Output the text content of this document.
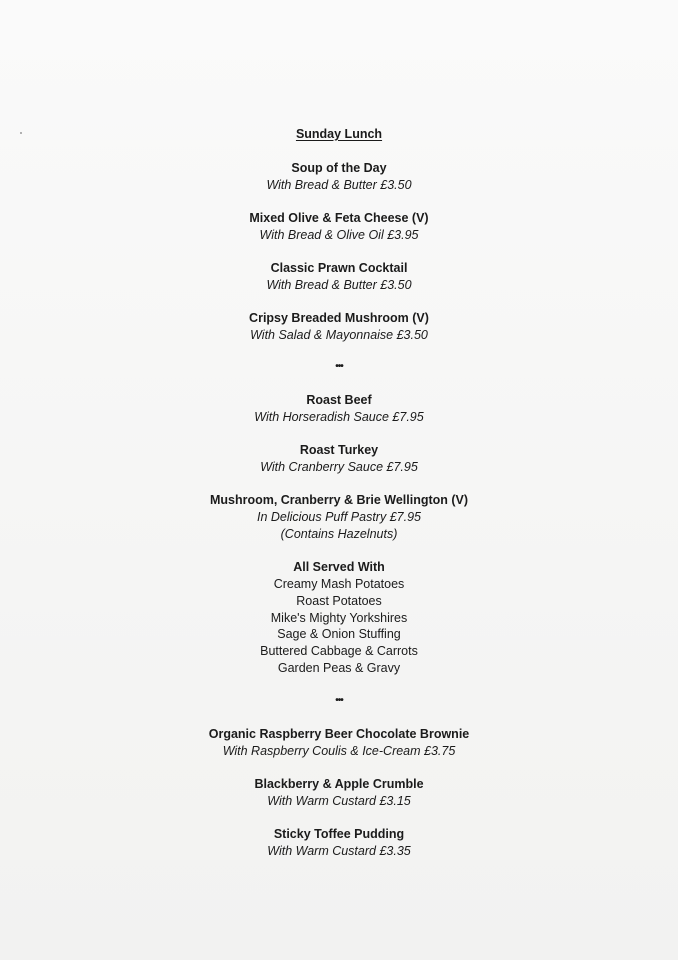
Sunday Lunch
Soup of the Day
With Bread & Butter £3.50
Mixed Olive & Feta Cheese (V)
With Bread & Olive Oil £3.95
Classic Prawn Cocktail
With Bread & Butter £3.50
Cripsy Breaded Mushroom (V)
With Salad & Mayonnaise £3.50
•••
Roast Beef
With Horseradish Sauce £7.95
Roast Turkey
With Cranberry Sauce £7.95
Mushroom, Cranberry & Brie Wellington (V)
In Delicious Puff Pastry £7.95
(Contains Hazelnuts)
All Served With
Creamy Mash Potatoes
Roast Potatoes
Mike's Mighty Yorkshires
Sage & Onion Stuffing
Buttered Cabbage & Carrots
Garden Peas & Gravy
•••
Organic Raspberry Beer Chocolate Brownie
With Raspberry Coulis & Ice-Cream £3.75
Blackberry & Apple Crumble
With Warm Custard £3.15
Sticky Toffee Pudding
With Warm Custard £3.35
